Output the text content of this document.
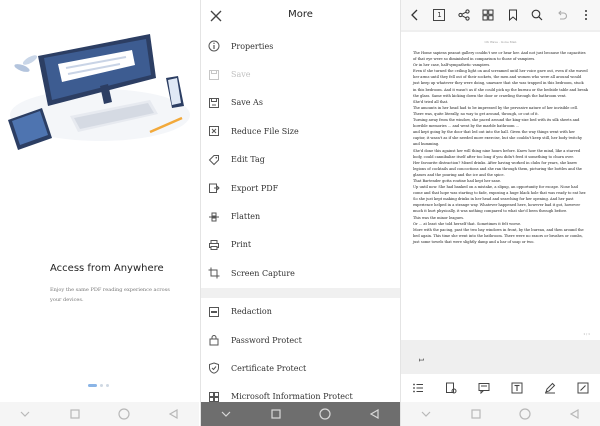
Access from Anywhere
Enjoy the same PDF reading experience across your devices.
More
Properties
Save
Save As
Reduce File Size
Edit Tag
Export PDF
Flatten
Print
Screen Capture
Redaction
Password Protect
Certificate Protect
Microsoft Information Protect
1
Oh Wave · Gone Man

The Home sapiens peanut gallery couldn't see or hear her. And not just because the capacities of that eye were so diminished in comparison to those of vampires.

Or in her case, half-sympathetic vampires.

Even if she turned the ceiling light on and screamed until her voice gave out, even if she waved her arms until they fell out of their sockets, the men and women who were all around would just keep up whatever they were doing, unaware that she was trapped in this bedroom, stuck in this bedroom. And it wasn't as if she could pick up the bureau or the bedside table and break the glass. Same with kicking down the door or crawling through the bathroom vent.

She'd tried all that.

The amounts in her head had to be impressed by the pervasive nature of her invisible cell. There was, quite literally, no way to get around, through, or out of it.

Turning away from the window, she paced around the king-size bed with its silk sheets and horrible memories ... and went by the marble bathroom ...

and kept going by the door that led out into the hall. Given the way things went with her captor, it wasn't as if she needed more exercise, but she couldn't keep still, her body twitchy and humming.

She'd done this against her will thing nine hours before. Knew how the mind, like a starved body, could cannibalize itself after too long if you didn't feed it something to churn over.

Her favourite distraction? Mixed drinks. After having worked in clubs for years, she knew legions of cocktails and concoctions and she ran through them, picturing the bottles and the glasses and the pouring and the ice and the spice.

That Bartender gotta routine had kept her sane.

Up until now. She had banked on a mistake, a slipup, an opportunity for escape. None had come and that hope was starting to fade, exposing a huge black hole that was ready to eat her. So she just kept making drinks in her head and searching for her opening. And her past experience helped in a strange way. Whatever happened here, however bad it got, however much it hurt physically, it was nothing compared to what she'd been through before.

This was the minor leagues.

Or ... at least she told herself that. Sometimes it felt worse.

More with the pacing, past the two bay windows in front, by the bureau, and then around the bed again. This time she went into the bathroom. There were no razors or brushes or combs, just some towels that were slightly damp and a bar of soap or two.

1 / 1
1
